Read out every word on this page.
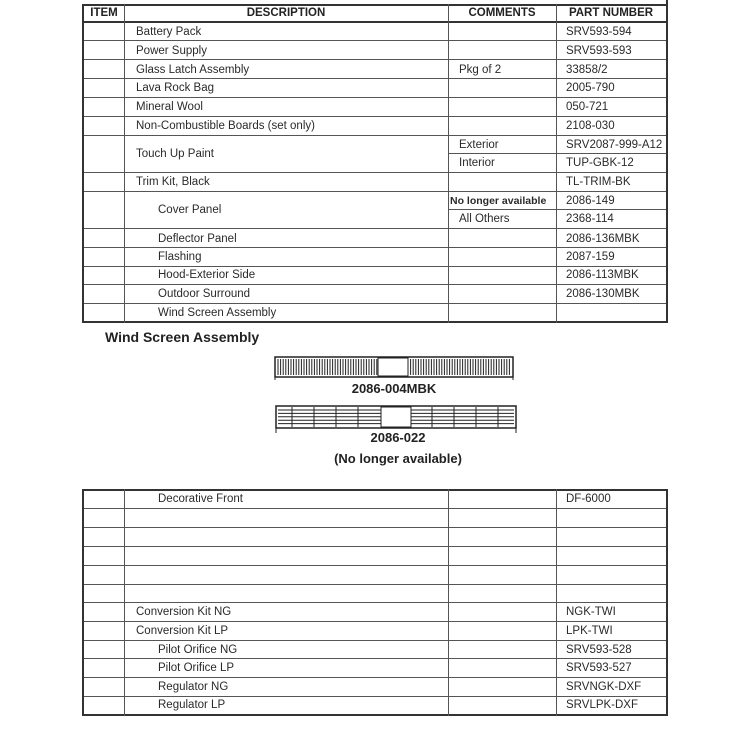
ITEM	DESCRIPTION	COMMENTS	PART NUMBER
Battery Pack	SRV593-594
Power Supply	SRV593-593
Glass Latch Assembly	Pkg of 2	33858/2
Lava Rock Bag	2005-790
Mineral Wool	050-721
Non-Combustible Boards (set only)	2108-030
Touch Up Paint
Exterior	SRV2087-999-A12
Interior	TUP-GBK-12
Trim Kit, Black	TL-TRIM-BK
Cover Panel
No longer available 2086-149
All Others	2368-114
Deflector Panel	2086-136MBK
Flashing	2087-159
Hood-Exterior Side	2086-113MBK
Outdoor Surround	2086-130MBK
Wind Screen Assembly
Wind Screen Assembly
2086-004MBK
2086-022
(No longer available)
Decorative Front	DF-6000
Conversion Kit NG	NGK-TWI
Conversion Kit LP	LPK-TWI
Pilot Orifice NG	SRV593-528
Pilot Orifice LP	SRV593-527
Regulator NG	SRVNGK-DXF
Regulator LP	SRVLPK-DXF
